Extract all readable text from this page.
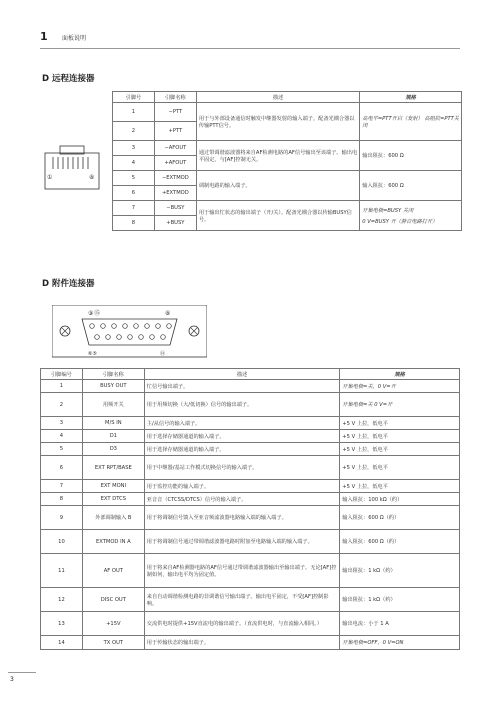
1 面板说明
D 远程连接器
①	⑧
引脚号	引脚名称	描述	规格
1	−PTT	用于与外部设备通信时触发中继器发射的输入端子。配备光耦合器以传输PTT信号。	高电平=PTT开启（发射） 高阻抗=PTT关闭
2	+PTT		
3	−AFOUT	通过带调谐滤波器将来自AF检测电路的AF信号输出至该端子。输出电平固定，与[AF]控制无关。	输出阻抗：600 Ω
4	+AFOUT		
5	−EXTMOD	调制电路的输入端子。	输入阻抗：600 Ω
6	+EXTMOD		
7	−BUSY	用于输出忙状态的输出端子（开/关）。配备光耦合器以传输BUSY信号。	开集电极=BUSY 关闭
0 V=BUSY 开（静音电路打开）

8	+BUSY		
D 附件连接器
⑨ ⑮	⑧
⑥⑤	⑭
引脚编号	引脚名称	描述	规格
1	BUSY OUT	忙信号输出端子。	开集电极=关，0 V=开
2	用频开关	用于用频切换（大/低切换）信号的输出端子。	开集电极=关 0 V=开
3	M/S IN	主/从信号的输入端子。	+5 V 上拉，低电平
4	D1	用于选择存储器通道的输入端子。	+5 V 上拉，低电平
5	D3	用于选择存储器通道的输入端子。	+5 V 上拉，低电平
6	EXT RPT/BASE	用于中继器/基站工作模式切换信号的输入端子。	+5 V 上拉，低电平
7	EXT MONI	用于监控功能的输入端子。	+5 V 上拉，低电平
8	EXT DTCS	亚音音（CTCSS/DTCS）信号的输入端子。	输入阻抗：100 kΩ（约）
9	外部调制输入 B	用于将调制信号馈入至亚音频滤波器电路输入端的输入端子。	输入阻抗：600 Ω（约）
10	EXTMOD IN A	用于将调制信号通过带调谐滤波器电路时附加至电路输入端的输入端子。	输入阻抗：600 Ω（约）
11	AF OUT	用于将来自AF检测器电路的AF信号通过带调谐滤波器输出至输出端子。无论[AF]控制如何，输出电平均为固定值。	输出阻抗：1 kΩ（约）
12	DISC OUT	来自自动调谐检测电路的非调谐信号输出端子。输出电平固定，不受[AF]控制影响。	输出阻抗：1 kΩ（约）
13	+15V	交流供电时提供+15V直流电的输出端子。（直流供电时，与直流输入相同。）	输出电流：小于 1 A
14	TX OUT	用于传输状态的输出端子。	开集电极=OFF，0 V=ON
3
